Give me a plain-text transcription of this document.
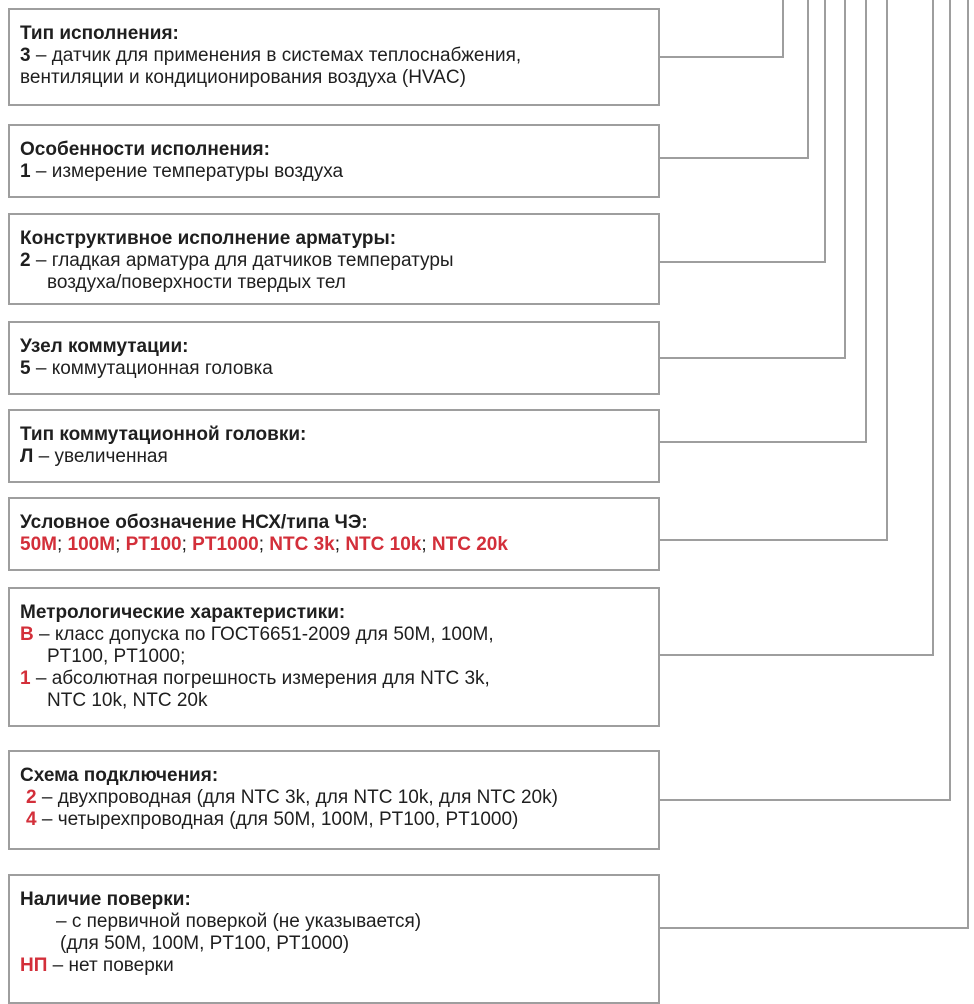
Тип исполнения:
3 – датчик для применения в системах теплоснабжения,
вентиляции и кондиционирования воздуха (HVAC)
Особенности исполнения:
1 – измерение температуры воздуха
Конструктивное исполнение арматуры:
2 – гладкая арматура для датчиков температуры
воздуха/поверхности твердых тел
Узел коммутации:
5 – коммутационная головка
Тип коммутационной головки:
Л – увеличенная
Условное обозначение НСХ/типа ЧЭ:
50M; 100M; PT100; PT1000; NTC 3k; NTC 10k; NTC 20k
Метрологические характеристики:
B – класс допуска по ГОСТ6651-2009 для 50М, 100М,
PT100, PT1000;
1 – абсолютная погрешность измерения для NTC 3k,
NTC 10k, NTC 20k
Схема подключения:
2 – двухпроводная (для NTC 3k, для NTC 10k, для NTC 20k)
4 – четырехпроводная (для 50M, 100M, PT100, PT1000)
Наличие поверки:
– с первичной поверкой (не указывается)
(для 50M, 100M, PT100, PT1000)
НП – нет поверки
